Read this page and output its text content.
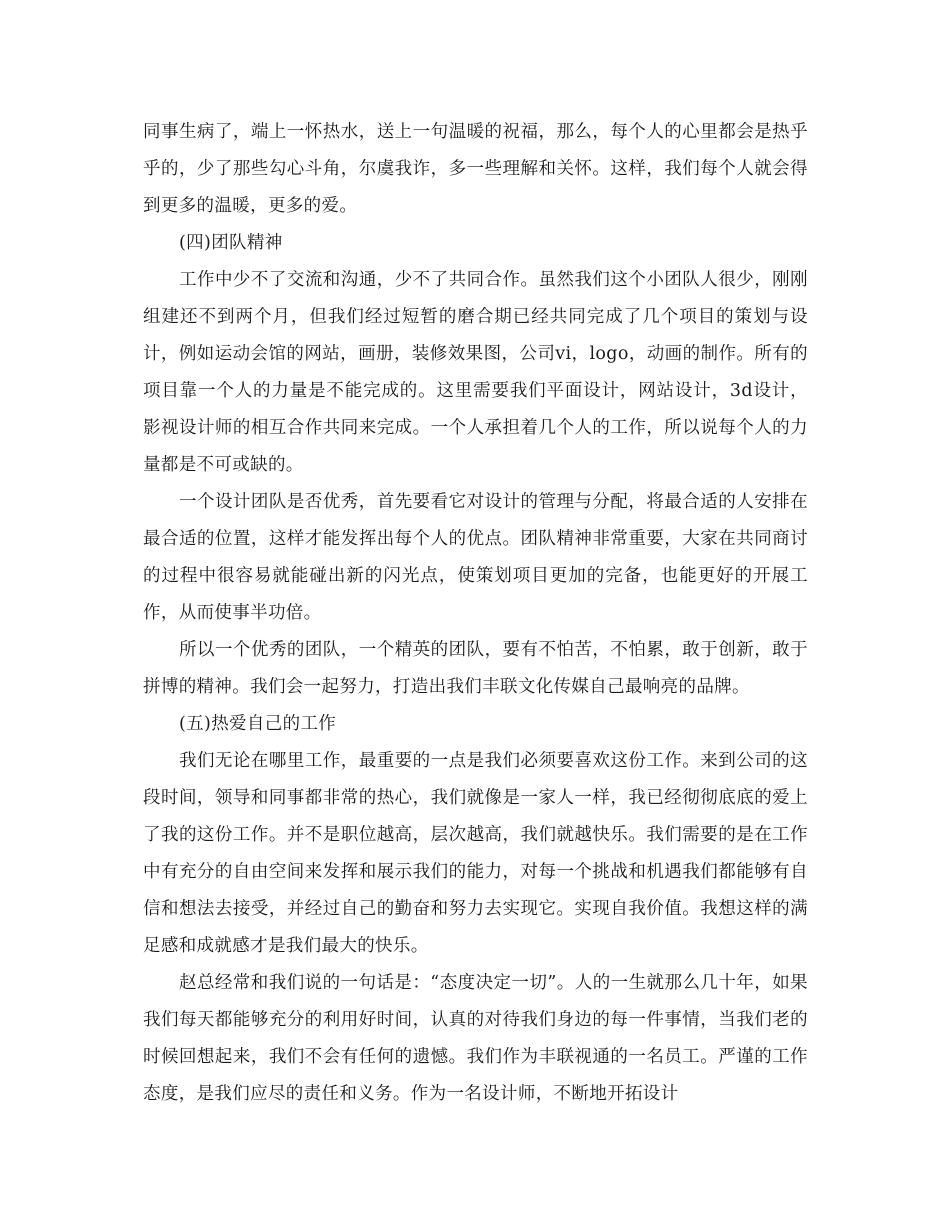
同事生病了，端上一怀热水，送上一句温暖的祝福，那么，每个人的心里都会是热乎乎的，少了那些勾心斗角，尔虞我诈，多一些理解和关怀。这样，我们每个人就会得到更多的温暖，更多的爱。

(四)团队精神

工作中少不了交流和沟通，少不了共同合作。虽然我们这个小团队人很少，刚刚组建还不到两个月，但我们经过短暂的磨合期已经共同完成了几个项目的策划与设计，例如运动会馆的网站，画册，装修效果图，公司vi，logo，动画的制作。所有的项目靠一个人的力量是不能完成的。这里需要我们平面设计，网站设计，3d设计，影视设计师的相互合作共同来完成。一个人承担着几个人的工作，所以说每个人的力量都是不可或缺的。

一个设计团队是否优秀，首先要看它对设计的管理与分配，将最合适的人安排在最合适的位置，这样才能发挥出每个人的优点。团队精神非常重要，大家在共同商讨的过程中很容易就能碰出新的闪光点，使策划项目更加的完备，也能更好的开展工作，从而使事半功倍。

所以一个优秀的团队，一个精英的团队，要有不怕苦，不怕累，敢于创新，敢于拼博的精神。我们会一起努力，打造出我们丰联文化传媒自己最响亮的品牌。

(五)热爱自己的工作

我们无论在哪里工作，最重要的一点是我们必须要喜欢这份工作。来到公司的这段时间，领导和同事都非常的热心，我们就像是一家人一样，我已经彻彻底底的爱上了我的这份工作。并不是职位越高，层次越高，我们就越快乐。我们需要的是在工作中有充分的自由空间来发挥和展示我们的能力，对每一个挑战和机遇我们都能够有自信和想法去接受，并经过自己的勤奋和努力去实现它。实现自我价值。我想这样的满足感和成就感才是我们最大的快乐。

赵总经常和我们说的一句话是：“态度决定一切”。人的一生就那么几十年，如果我们每天都能够充分的利用好时间，认真的对待我们身边的每一件事情，当我们老的时候回想起来，我们不会有任何的遗憾。我们作为丰联视通的一名员工。严谨的工作态度，是我们应尽的责任和义务。作为一名设计师，不断地开拓设计
